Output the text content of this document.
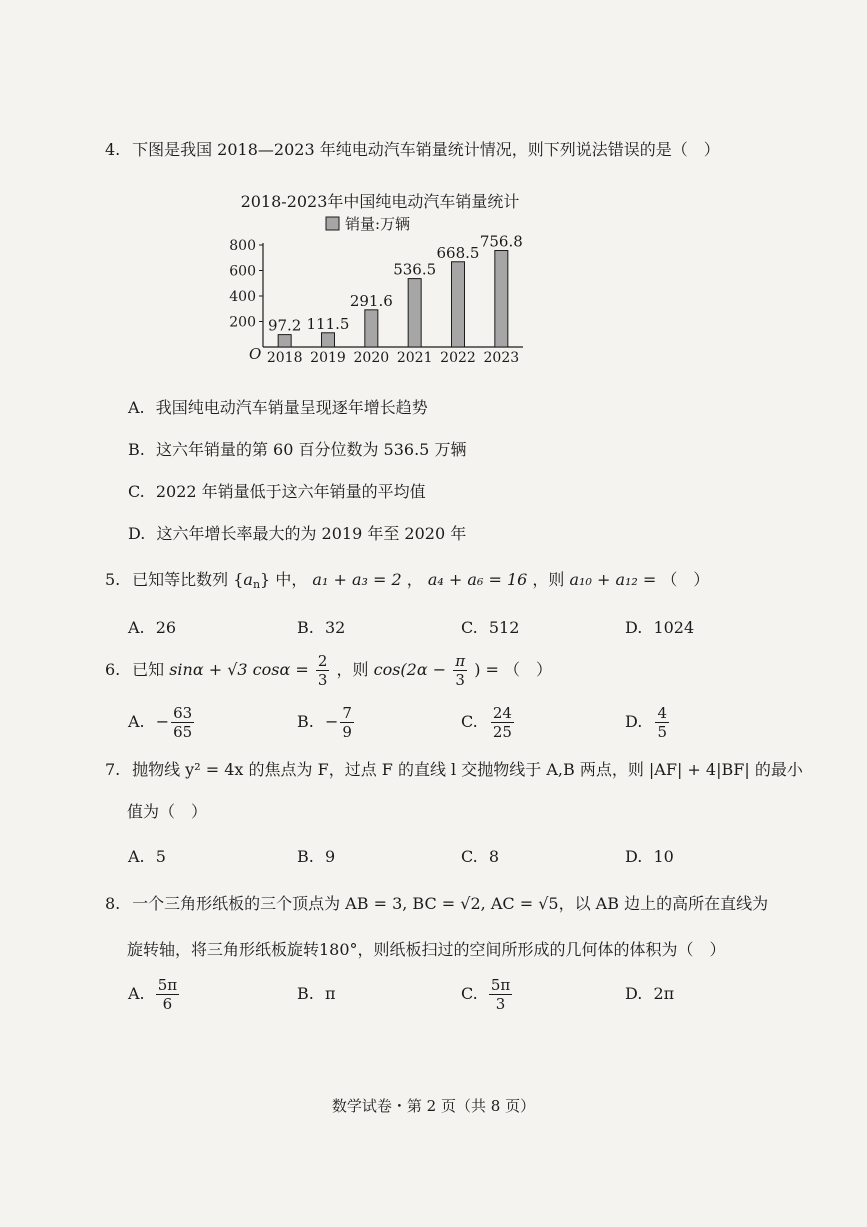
4. 下图是我国 2018—2023 年纯电动汽车销量统计情况，则下列说法错误的是（　）
2018-2023年中国纯电动汽车销量统计
销量:万辆
O
200
400
600
800
97.2
2018
111.5
2019
291.6
2020
536.5
2021
668.5
2022
756.8
2023
A. 我国纯电动汽车销量呈现逐年增长趋势
B. 这六年销量的第 60 百分位数为 536.5 万辆
C. 2022 年销量低于这六年销量的平均值
D. 这六年增长率最大的为 2019 年至 2020 年
5. 已知等比数列 $\{a_n\}$ 中， a₁ + a₃ = 2 ， a₄ + a₆ = 16 ，则 a₁₀ + a₁₂ = （　）
A. 26	B. 32	C. 512	D. 1024
6. 已知 sinα + √3 $\cos\alpha = \frac{2}{3}$ ，则 $\cos(2\alpha - \frac{\pi}{3}$ ) = （　）
A. − $\frac{63}{65}$	B. − $\frac{7}{9}$	C. $\frac{24}{25}$	D. $\frac{4}{5}$
7. 抛物线 y² = 4x 的焦点为 F，过点 F 的直线 l 交抛物线于 A,B 两点，则 |AF| + 4|BF| 的最小
值为（　）
A. 5	B. 9	C. 8	D. 10
8. 一个三角形纸板的三个顶点为 AB = 3, BC = √2, AC = √5，以 AB 边上的高所在直线为
旋转轴，将三角形纸板旋转180°，则纸板扫过的空间所形成的几何体的体积为（　）
A. $\frac{5\pi}{6}$	B. π	C. $\frac{5\pi}{3}$	D. 2π
数学试卷・第 2 页（共 8 页）
